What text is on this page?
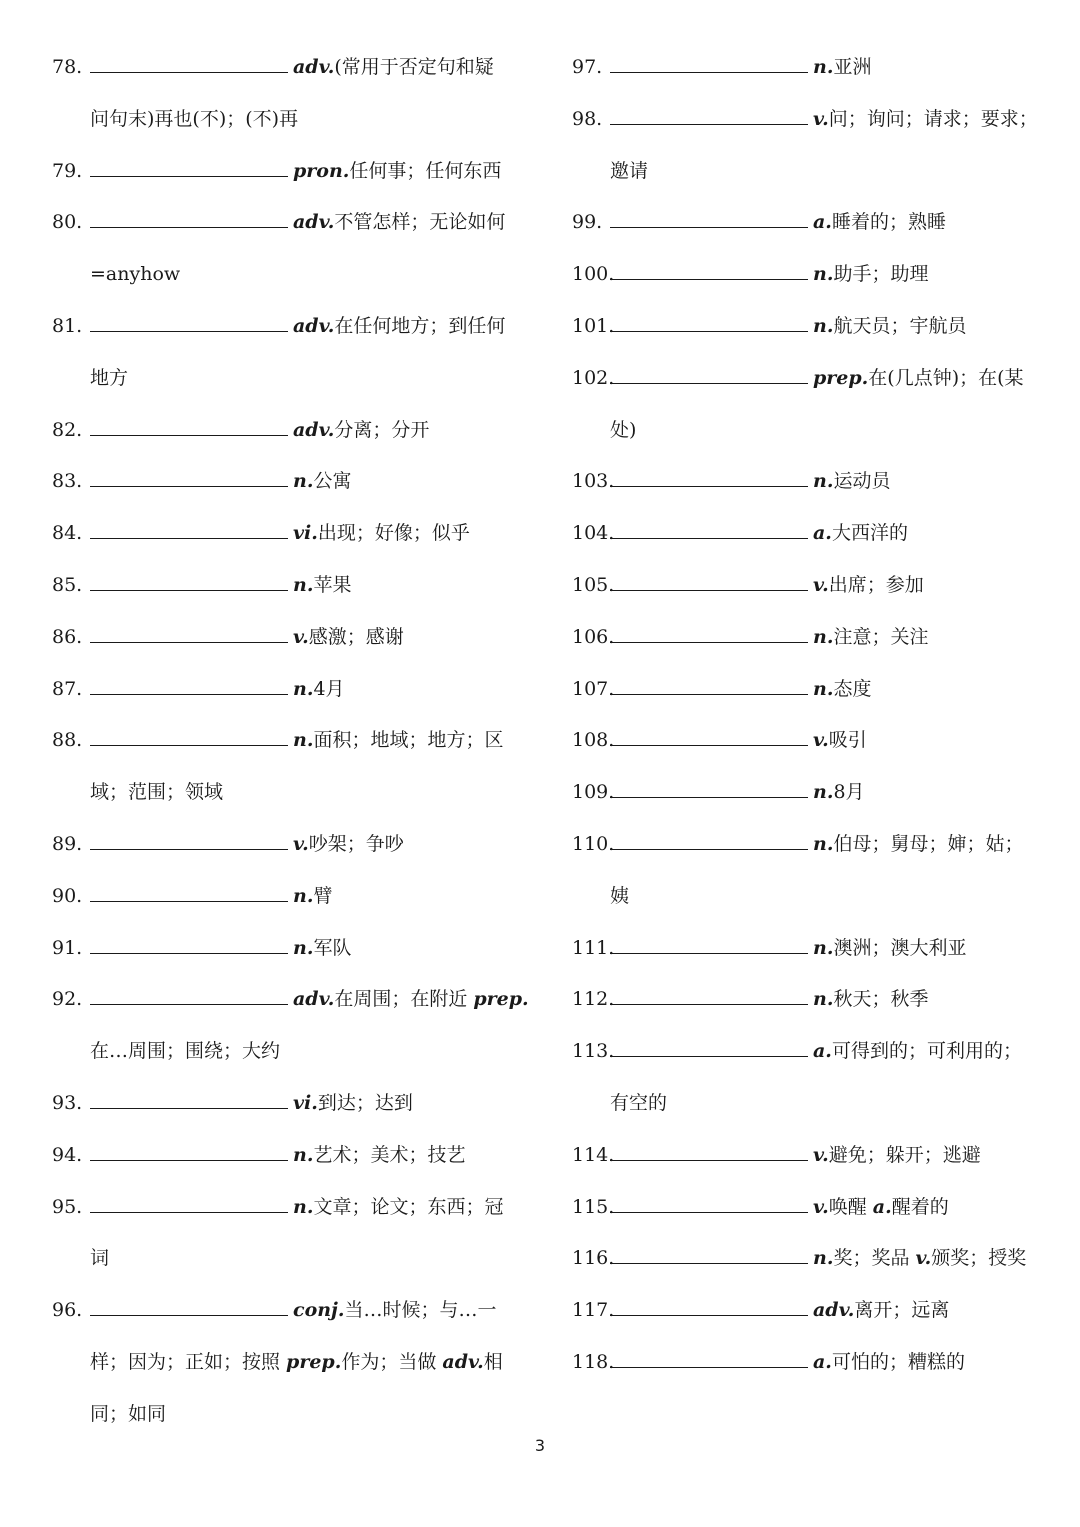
78.	adv.(常用于否定句和疑
问句末)再也(不)；(不)再
79.	pron.任何事；任何东西
80.	adv.不管怎样；无论如何
=anyhow
81.	adv.在任何地方；到任何
地方
82.	adv.分离；分开
83.	n.公寓
84.	vi.出现；好像；似乎
85.	n.苹果
86.	v.感激；感谢
87.	n.4月
88.	n.面积；地域；地方；区
域；范围；领域
89.	v.吵架；争吵
90.	n.臂
91.	n.军队
92.	adv.在周围；在附近 prep.
在…周围；围绕；大约
93.	vi.到达；达到
94.	n.艺术；美术；技艺
95.	n.文章；论文；东西；冠
词
96.	conj.当…时候；与…一
样；因为；正如；按照 prep.作为；当做 adv.相
同；如同
97.	n.亚洲
98.	v.问；询问；请求；要求；
邀请
99.	a.睡着的；熟睡
100.	n.助手；助理
101.	n.航天员；宇航员
102.	prep.在(几点钟)；在(某
处)
103.	n.运动员
104.	a.大西洋的
105.	v.出席；参加
106.	n.注意；关注
107.	n.态度
108.	v.吸引
109.	n.8月
110.	n.伯母；舅母；婶；姑；
姨
111.	n.澳洲；澳大利亚
112.	n.秋天；秋季
113.	a.可得到的；可利用的；
有空的
114.	v.避免；躲开；逃避
115.	v.唤醒 a.醒着的
116.	n.奖；奖品 v.颁奖；授奖
117.	adv.离开；远离
118.	a.可怕的；糟糕的
3
